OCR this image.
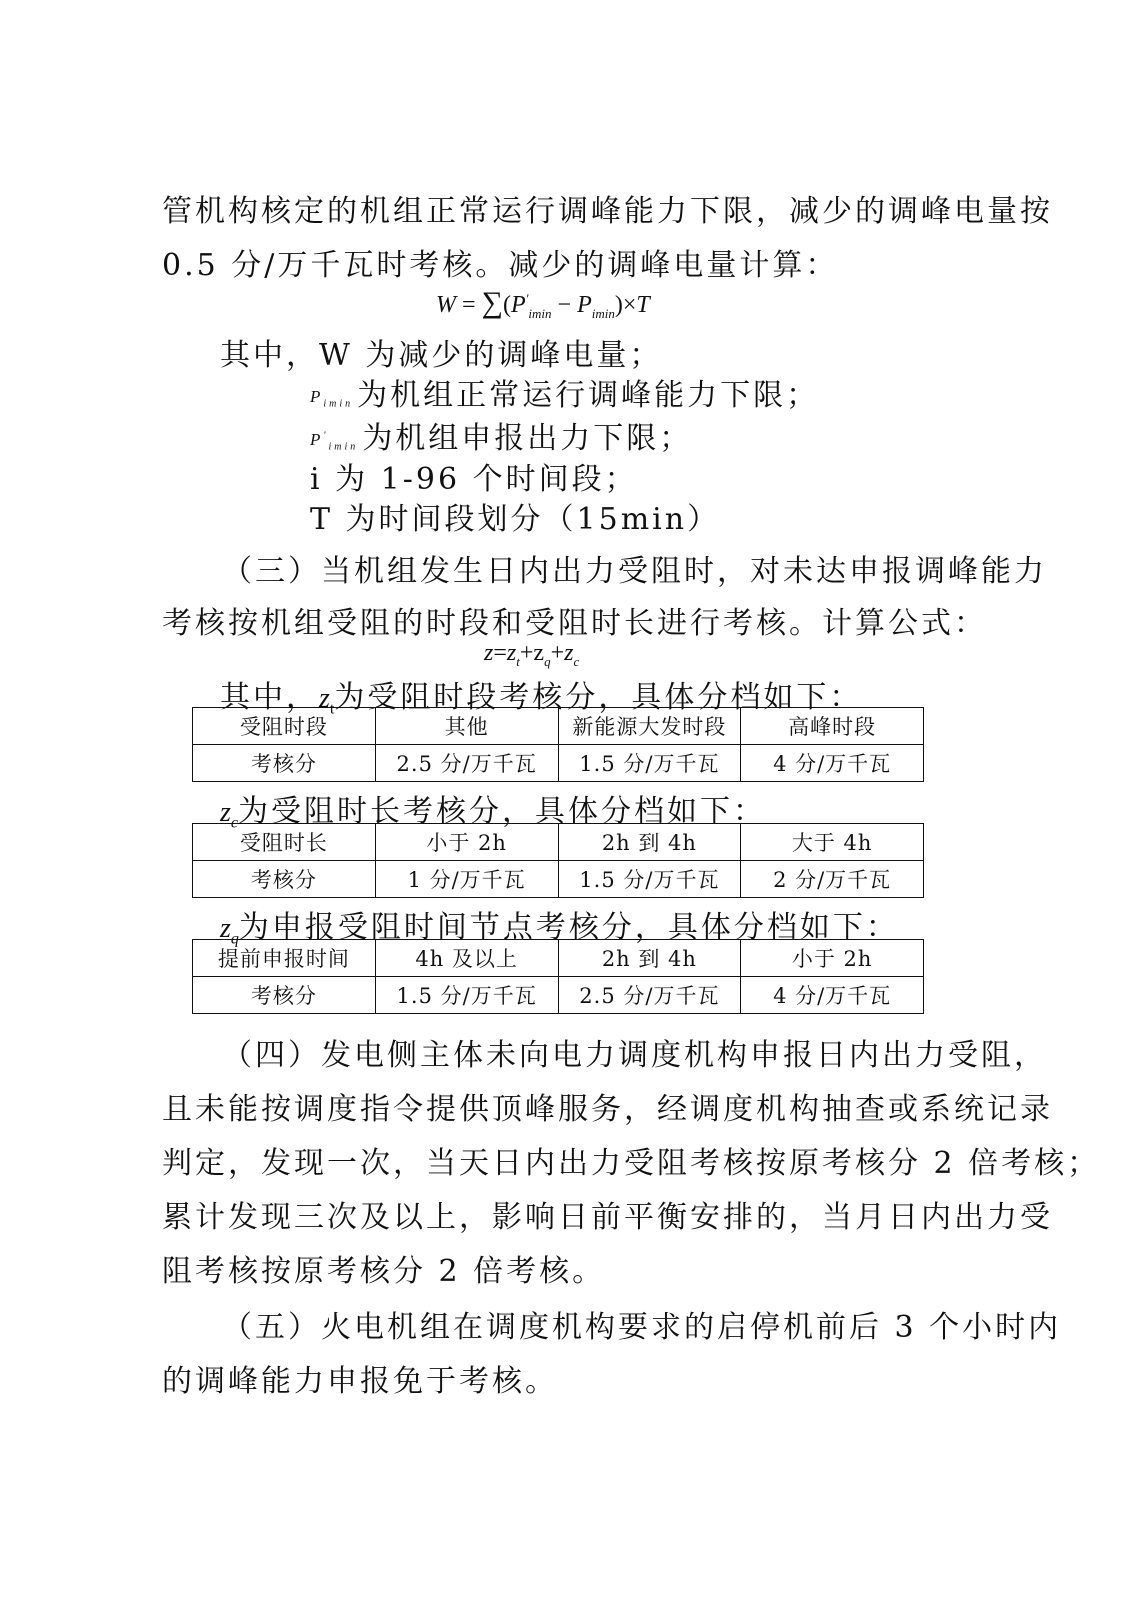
管机构核定的机组正常运行调峰能力下限，减少的调峰电量按
0.5 分/万千瓦时考核。减少的调峰电量计算：
$W = \sum(P'_{imin} - P_{imin})\times T$
其中，W 为减少的调峰电量；
$P_{imin}$ 为机组正常运行调峰能力下限；
$P'_{imin}$ 为机组申报出力下限；
i 为 1-96 个时间段；
T 为时间段划分（15min）
（三）当机组发生日内出力受阻时，对未达申报调峰能力
考核按机组受阻的时段和受阻时长进行考核。计算公式：
$z=z_t+z_q+z_c$
其中，$z_t$为受阻时段考核分，具体分档如下：
受阻时段	其他	新能源大发时段	高峰时段
考核分	2.5 分/万千瓦	1.5 分/万千瓦	4 分/万千瓦
$z_c$为受阻时长考核分，具体分档如下：
受阻时长	小于 2h	2h 到 4h	大于 4h
考核分	1 分/万千瓦	1.5 分/万千瓦	2 分/万千瓦
$z_q$为申报受阻时间节点考核分，具体分档如下：
提前申报时间	4h 及以上	2h 到 4h	小于 2h
考核分	1.5 分/万千瓦	2.5 分/万千瓦	4 分/万千瓦
（四）发电侧主体未向电力调度机构申报日内出力受阻，
且未能按调度指令提供顶峰服务，经调度机构抽查或系统记录
判定，发现一次，当天日内出力受阻考核按原考核分 2 倍考核；
累计发现三次及以上，影响日前平衡安排的，当月日内出力受
阻考核按原考核分 2 倍考核。
（五）火电机组在调度机构要求的启停机前后 3 个小时内
的调峰能力申报免于考核。
